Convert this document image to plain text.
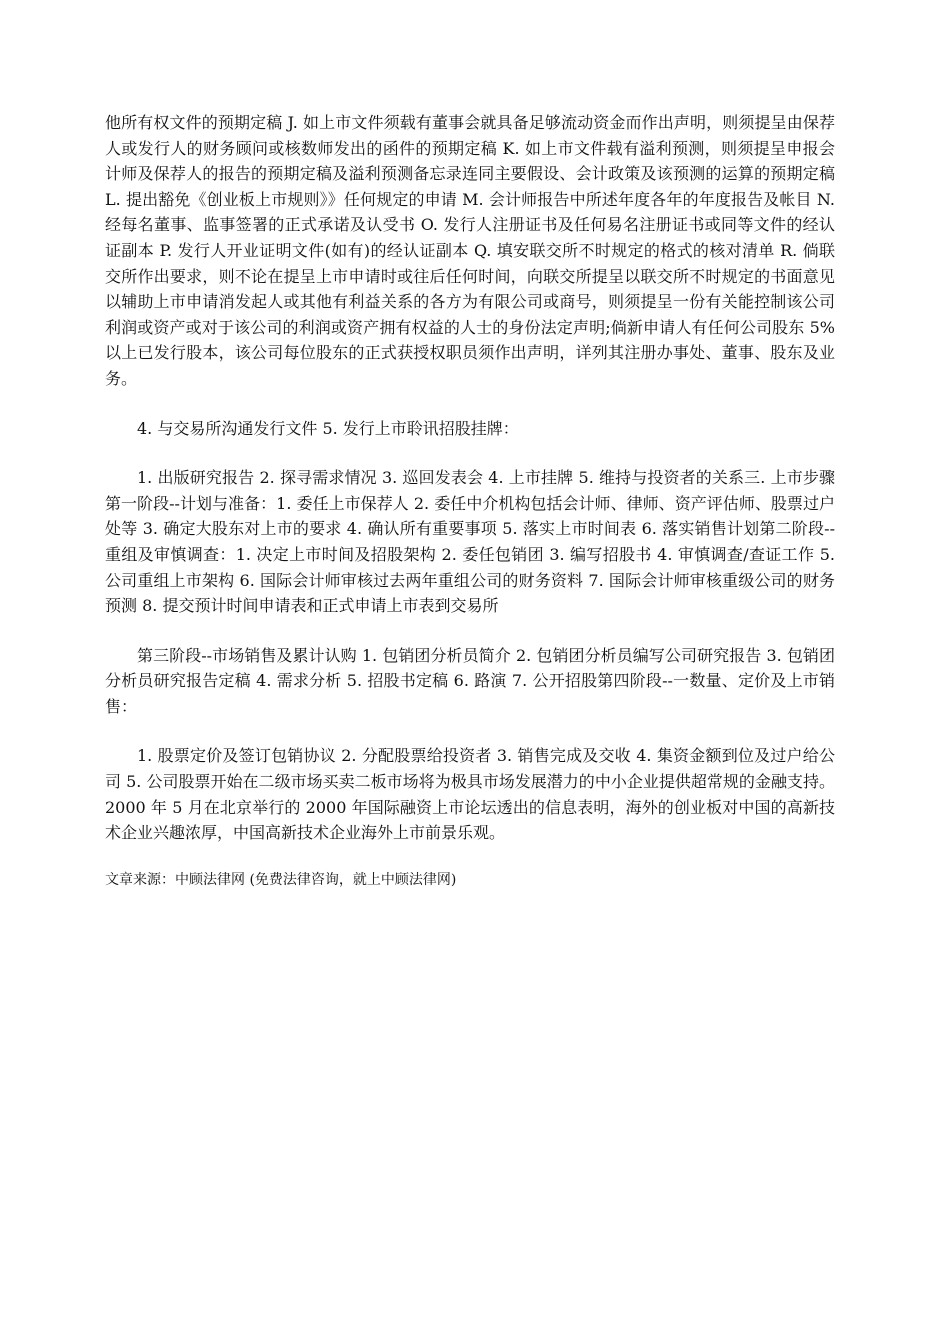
他所有权文件的预期定稿 J. 如上市文件须载有董事会就具备足够流动资金而作出声明，则须提呈由保荐人或发行人的财务顾问或核数师发出的函件的预期定稿 K. 如上市文件载有溢利预测，则须提呈申报会计师及保荐人的报告的预期定稿及溢利预测备忘录连同主要假设、会计政策及该预测的运算的预期定稿 L. 提出豁免《创业板上市规则》》任何规定的申请 M. 会计师报告中所述年度各年的年度报告及帐目 N. 经每名董事、监事签署的正式承诺及认受书 O. 发行人注册证书及任何易名注册证书或同等文件的经认证副本 P. 发行人开业证明文件(如有)的经认证副本 Q. 填安联交所不时规定的格式的核对清单 R. 倘联交所作出要求，则不论在提呈上市申请时或往后任何时间，向联交所提呈以联交所不时规定的书面意见以辅助上市申请消发起人或其他有利益关系的各方为有限公司或商号，则须提呈一份有关能控制该公司利润或资产或对于该公司的利润或资产拥有权益的人士的身份法定声明;倘新申请人有任何公司股东 5%以上已发行股本，该公司每位股东的正式获授权职员须作出声明，详列其注册办事处、董事、股东及业务。

4. 与交易所沟通发行文件 5. 发行上市聆讯招股挂牌：

1. 出版研究报告 2. 探寻需求情况 3. 巡回发表会 4. 上市挂牌 5. 维持与投资者的关系三. 上市步骤第一阶段--计划与准备：1. 委任上市保荐人 2. 委任中介机构包括会计师、律师、资产评估师、股票过户处等 3. 确定大股东对上市的要求 4. 确认所有重要事项 5. 落实上市时间表 6. 落实销售计划第二阶段--重组及审慎调查：1. 决定上市时间及招股架构 2. 委任包销团 3. 编写招股书 4. 审慎调查/查证工作 5. 公司重组上市架构 6. 国际会计师审核过去两年重组公司的财务资料 7. 国际会计师审核重级公司的财务预测 8. 提交预计时间申请表和正式申请上市表到交易所

第三阶段--市场销售及累计认购 1. 包销团分析员简介 2. 包销团分析员编写公司研究报告 3. 包销团分析员研究报告定稿 4. 需求分析 5. 招股书定稿 6. 路演 7. 公开招股第四阶段--一数量、定价及上市销售：

1. 股票定价及签订包销协议 2. 分配股票给投资者 3. 销售完成及交收 4. 集资金额到位及过户给公司 5. 公司股票开始在二级市场买卖二板市场将为极具市场发展潜力的中小企业提供超常规的金融支持。2000 年 5 月在北京举行的 2000 年国际融资上市论坛透出的信息表明，海外的创业板对中国的高新技术企业兴趣浓厚，中国高新技术企业海外上市前景乐观。

文章来源：中顾法律网 (免费法律咨询，就上中顾法律网)
